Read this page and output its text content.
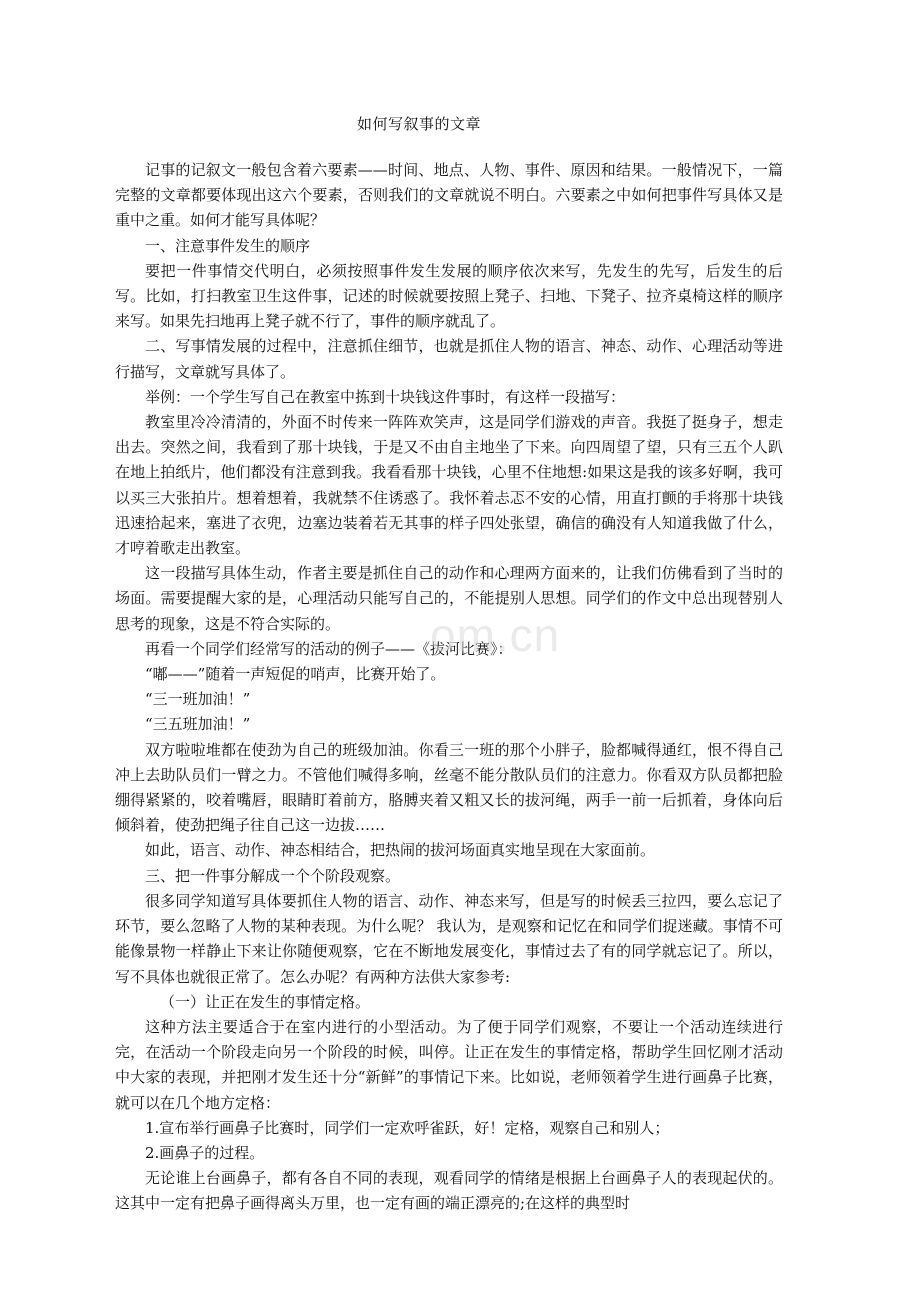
如何写叙事的文章

记事的记叙文一般包含着六要素——时间、地点、人物、事件、原因和结果。一般情况下，一篇完整的文章都要体现出这六个要素，否则我们的文章就说不明白。六要素之中如何把事件写具体又是重中之重。如何才能写具体呢？

一、注意事件发生的顺序

要把一件事情交代明白，必须按照事件发生发展的顺序依次来写，先发生的先写，后发生的后写。比如，打扫教室卫生这件事，记述的时候就要按照上凳子、扫地、下凳子、拉齐桌椅这样的顺序来写。如果先扫地再上凳子就不行了，事件的顺序就乱了。

二、写事情发展的过程中，注意抓住细节，也就是抓住人物的语言、神态、动作、心理活动等进行描写，文章就写具体了。

举例：一个学生写自己在教室中拣到十块钱这件事时，有这样一段描写：

教室里冷冷清清的，外面不时传来一阵阵欢笑声，这是同学们游戏的声音。我挺了挺身子，想走出去。突然之间，我看到了那十块钱，于是又不由自主地坐了下来。向四周望了望，只有三五个人趴在地上拍纸片，他们都没有注意到我。我看看那十块钱，心里不住地想:如果这是我的该多好啊，我可以买三大张拍片。想着想着，我就禁不住诱惑了。我怀着忐忑不安的心情，用直打颤的手将那十块钱迅速拾起来，塞进了衣兜，边塞边装着若无其事的样子四处张望，确信的确没有人知道我做了什么，才哼着歌走出教室。

这一段描写具体生动，作者主要是抓住自己的动作和心理两方面来的，让我们仿佛看到了当时的场面。需要提醒大家的是，心理活动只能写自己的，不能提别人思想。同学们的作文中总出现替别人思考的现象，这是不符合实际的。

再看一个同学们经常写的活动的例子——《拔河比赛》：

“嘟——”随着一声短促的哨声，比赛开始了。

“三一班加油！”

“三五班加油！”

双方啦啦堆都在使劲为自己的班级加油。你看三一班的那个小胖子，脸都喊得通红，恨不得自己冲上去助队员们一臂之力。不管他们喊得多响，丝毫不能分散队员们的注意力。你看双方队员都把脸绷得紧紧的，咬着嘴唇，眼睛盯着前方，胳膊夹着又粗又长的拔河绳，两手一前一后抓着，身体向后倾斜着，使劲把绳子往自己这一边拔……

如此，语言、动作、神态相结合，把热闹的拔河场面真实地呈现在大家面前。

三、把一件事分解成一个个阶段观察。

很多同学知道写具体要抓住人物的语言、动作、神态来写，但是写的时候丢三拉四，要么忘记了环节，要么忽略了人物的某种表现。为什么呢？ 我认为，是观察和记忆在和同学们捉迷藏。事情不可能像景物一样静止下来让你随便观察，它在不断地发展变化，事情过去了有的同学就忘记了。所以，写不具体也就很正常了。怎么办呢？有两种方法供大家参考:

（一）让正在发生的事情定格。

这种方法主要适合于在室内进行的小型活动。为了便于同学们观察，不要让一个活动连续进行完，在活动一个阶段走向另一个阶段的时候，叫停。让正在发生的事情定格，帮助学生回忆刚才活动中大家的表现，并把刚才发生还十分“新鲜”的事情记下来。比如说，老师领着学生进行画鼻子比赛，就可以在几个地方定格：

1.宣布举行画鼻子比赛时，同学们一定欢呼雀跃，好！定格，观察自己和别人；

2.画鼻子的过程。

无论谁上台画鼻子，都有各自不同的表现，观看同学的情绪是根据上台画鼻子人的表现起伏的。这其中一定有把鼻子画得离头万里，也一定有画的端正漂亮的;在这样的典型时

om.cn
